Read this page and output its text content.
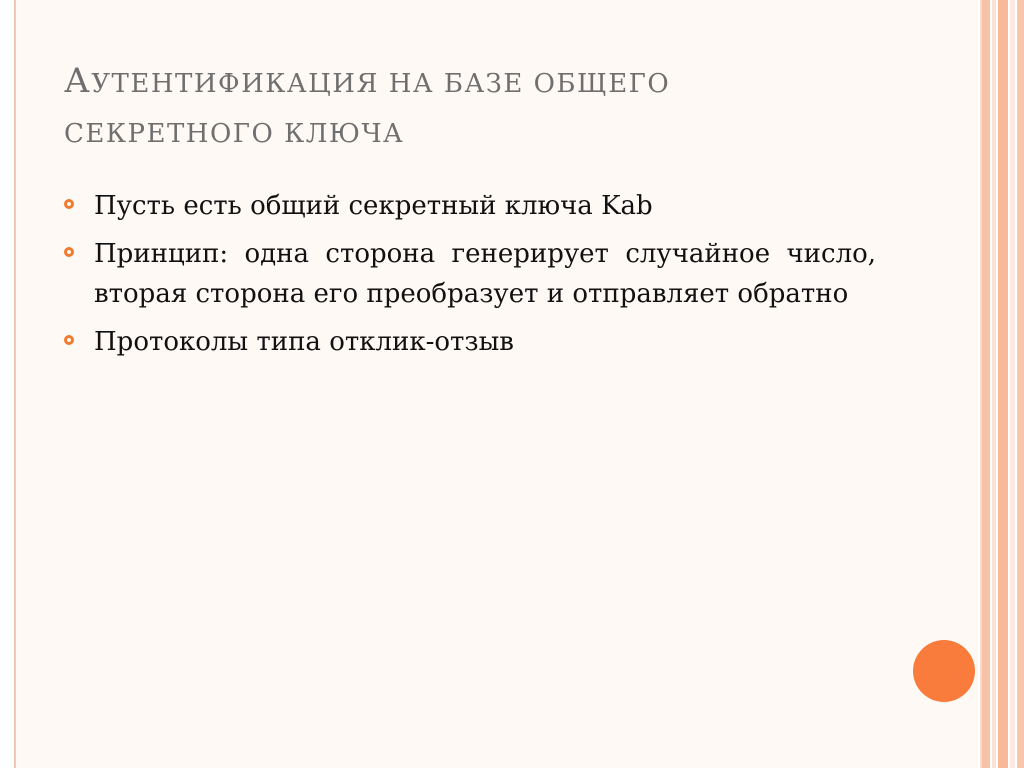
АУТЕНТИФИКАЦИЯ НА БАЗЕ ОБЩЕГО СЕКРЕТНОГО КЛЮЧА
Пусть есть общий секретный ключа Kab
Принцип: одна сторона генерирует случайное число, вторая сторона его преобразует и отправляет обратно
Протоколы типа отклик-отзыв
